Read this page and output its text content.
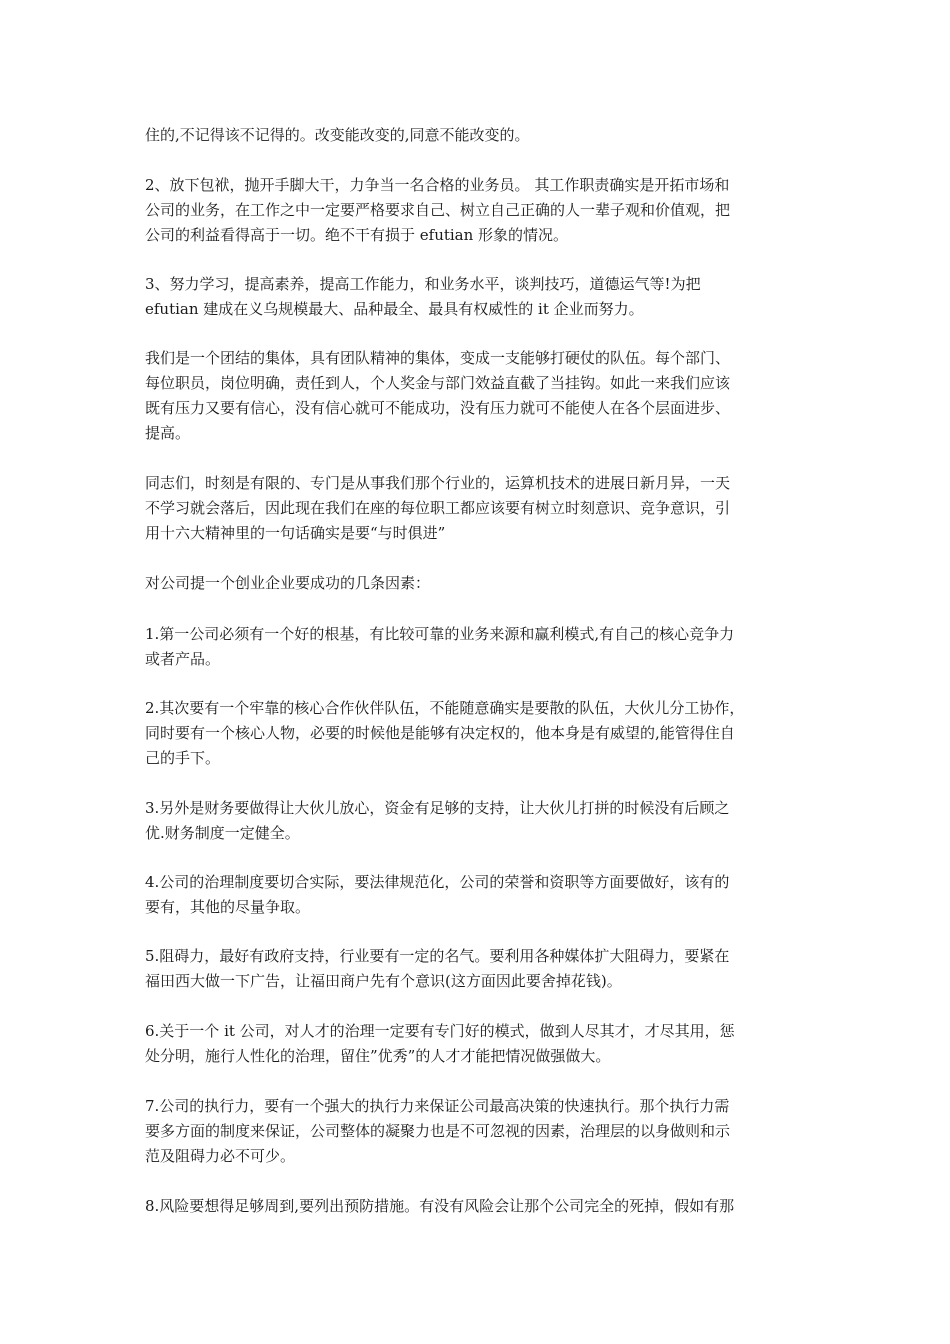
住的,不记得该不记得的。改变能改变的,同意不能改变的。

2、放下包袱，抛开手脚大干，力争当一名合格的业务员。 其工作职责确实是开拓市场和
公司的业务，在工作之中一定要严格要求自己、树立自己正确的人一辈子观和价值观，把
公司的利益看得高于一切。绝不干有损于 efutian 形象的情况。

3、努力学习，提高素养，提高工作能力，和业务水平，谈判技巧，道德运气等!为把
efutian 建成在义乌规模最大、品种最全、最具有权威性的 it 企业而努力。

我们是一个团结的集体，具有团队精神的集体，变成一支能够打硬仗的队伍。每个部门、
每位职员，岗位明确，责任到人，个人奖金与部门效益直截了当挂钩。如此一来我们应该
既有压力又要有信心，没有信心就可不能成功，没有压力就可不能使人在各个层面进步、
提高。

同志们，时刻是有限的、专门是从事我们那个行业的，运算机技术的进展日新月异，一天
不学习就会落后，因此现在我们在座的每位职工都应该要有树立时刻意识、竞争意识，引
用十六大精神里的一句话确实是要“与时俱进”

对公司提一个创业企业要成功的几条因素：

1.第一公司必须有一个好的根基，有比较可靠的业务来源和赢利模式,有自己的核心竞争力
或者产品。

2.其次要有一个牢靠的核心合作伙伴队伍，不能随意确实是要散的队伍，大伙儿分工协作，
同时要有一个核心人物，必要的时候他是能够有决定权的，他本身是有威望的,能管得住自
己的手下。

3.另外是财务要做得让大伙儿放心，资金有足够的支持，让大伙儿打拼的时候没有后顾之
优.财务制度一定健全。

4.公司的治理制度要切合实际，要法律规范化，公司的荣誉和资职等方面要做好，该有的
要有，其他的尽量争取。

5.阻碍力，最好有政府支持，行业要有一定的名气。要利用各种媒体扩大阻碍力，要紧在
福田西大做一下广告，让福田商户先有个意识(这方面因此要舍掉花钱)。

6.关于一个 it 公司，对人才的治理一定要有专门好的模式，做到人尽其才，才尽其用，惩
处分明，施行人性化的治理，留住”优秀”的人才才能把情况做强做大。

7.公司的执行力，要有一个强大的执行力来保证公司最高决策的快速执行。那个执行力需
要多方面的制度来保证，公司整体的凝聚力也是不可忽视的因素，治理层的以身做则和示
范及阻碍力必不可少。

8.风险要想得足够周到,要列出预防措施。有没有风险会让那个公司完全的死掉，假如有那
